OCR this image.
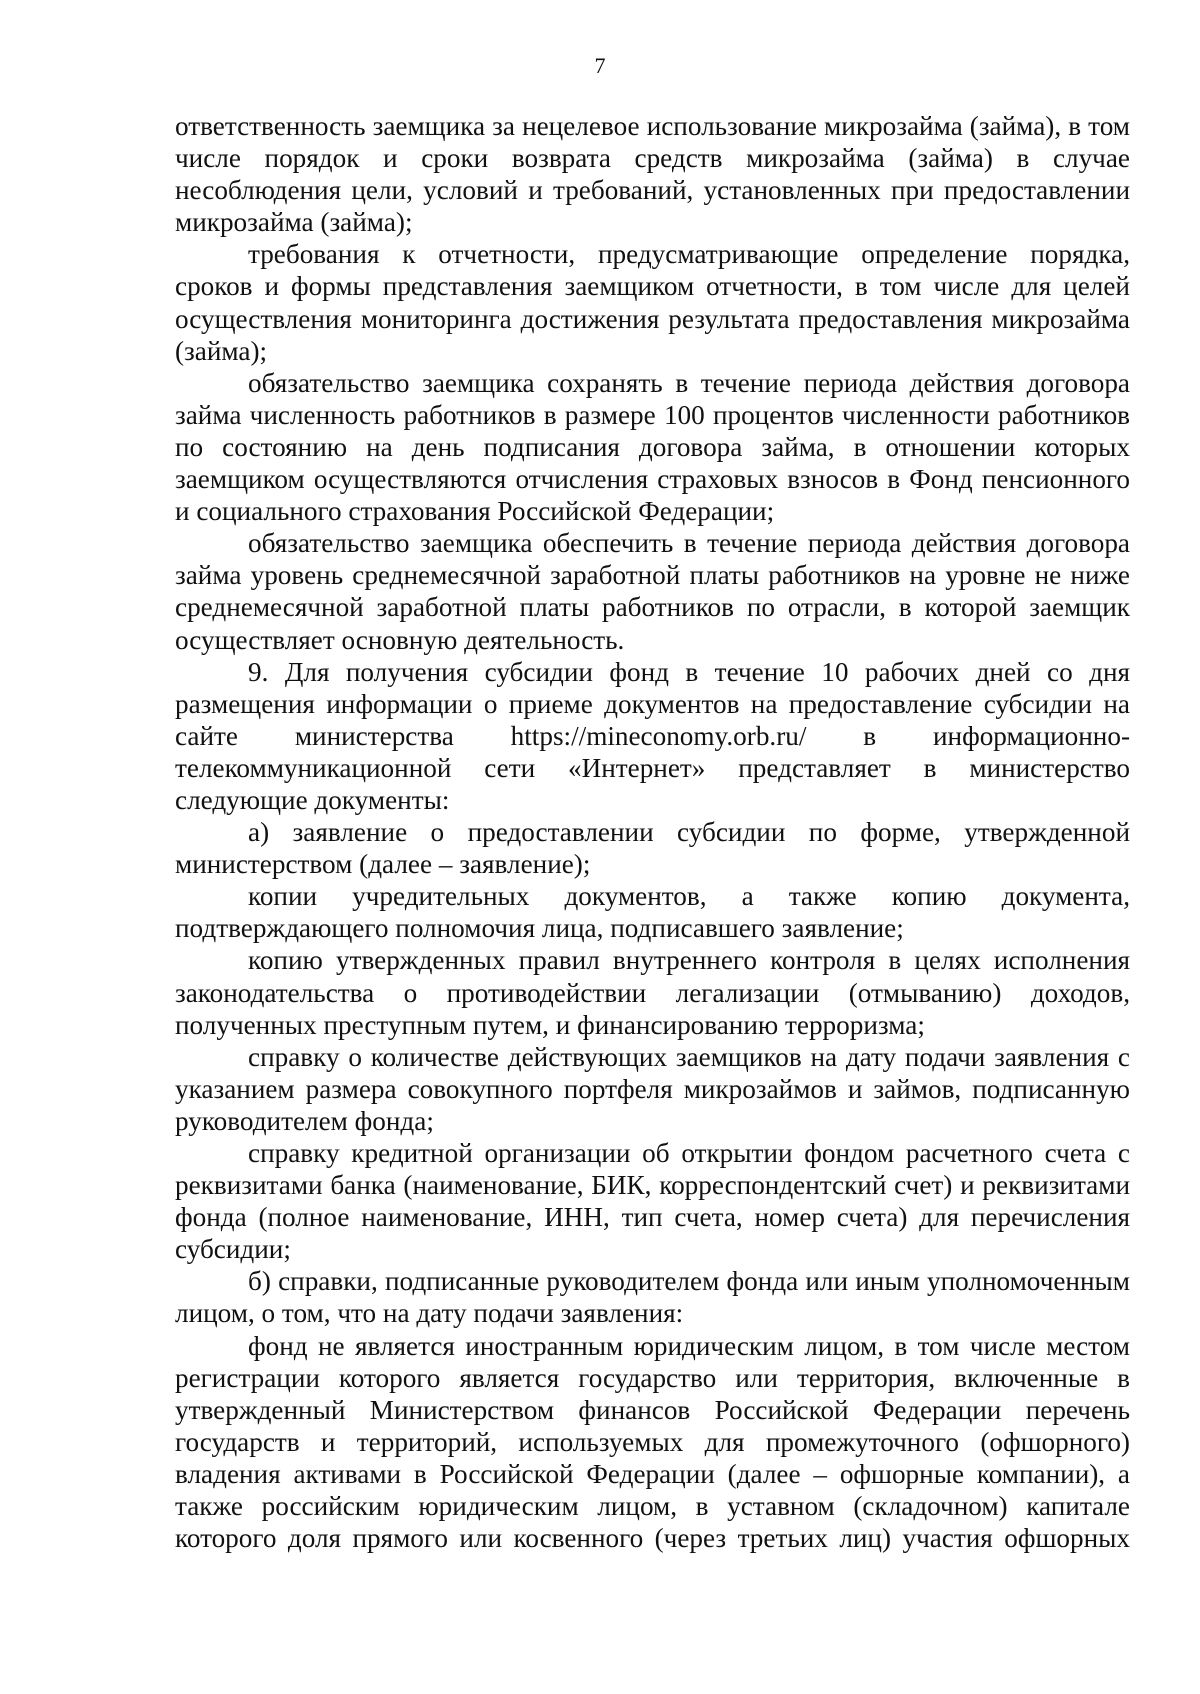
7

ответственность заемщика за нецелевое использование микрозайма (займа), в том числе порядок и сроки возврата средств микрозайма (займа) в случае несоблюдения цели, условий и требований, установленных при предоставлении микрозайма (займа);

требования к отчетности, предусматривающие определение порядка, сроков и формы представления заемщиком отчетности, в том числе для целей осуществления мониторинга достижения результата предоставления микрозайма (займа);

обязательство заемщика сохранять в течение периода действия договора займа численность работников в размере 100 процентов численности работников по состоянию на день подписания договора займа, в отношении которых заемщиком осуществляются отчисления страховых взносов в Фонд пенсионного и социального страхования Российской Федерации;

обязательство заемщика обеспечить в течение периода действия договора займа уровень среднемесячной заработной платы работников на уровне не ниже среднемесячной заработной платы работников по отрасли, в которой заемщик осуществляет основную деятельность.

9. Для получения субсидии фонд в течение 10 рабочих дней со дня размещения информации о приеме документов на предоставление субсидии на сайте министерства https://mineconomy.orb.ru/ в информационно-телекоммуникационной сети «Интернет» представляет в министерство следующие документы:

а) заявление о предоставлении субсидии по форме, утвержденной министерством (далее – заявление);

копии учредительных документов, а также копию документа, подтверждающего полномочия лица, подписавшего заявление;

копию утвержденных правил внутреннего контроля в целях исполнения законодательства о противодействии легализации (отмыванию) доходов, полученных преступным путем, и финансированию терроризма;

справку о количестве действующих заемщиков на дату подачи заявления с указанием размера совокупного портфеля микрозаймов и займов, подписанную руководителем фонда;

справку кредитной организации об открытии фондом расчетного счета с реквизитами банка (наименование, БИК, корреспондентский счет) и реквизитами фонда (полное наименование, ИНН, тип счета, номер счета) для перечисления субсидии;

б) справки, подписанные руководителем фонда или иным уполномоченным лицом, о том, что на дату подачи заявления:

фонд не является иностранным юридическим лицом, в том числе местом регистрации которого является государство или территория, включенные в утвержденный Министерством финансов Российской Федерации перечень государств и территорий, используемых для промежуточного (офшорного) владения активами в Российской Федерации (далее – офшорные компании), а также российским юридическим лицом, в уставном (складочном) капитале которого доля прямого или косвенного (через третьих лиц) участия офшорных
